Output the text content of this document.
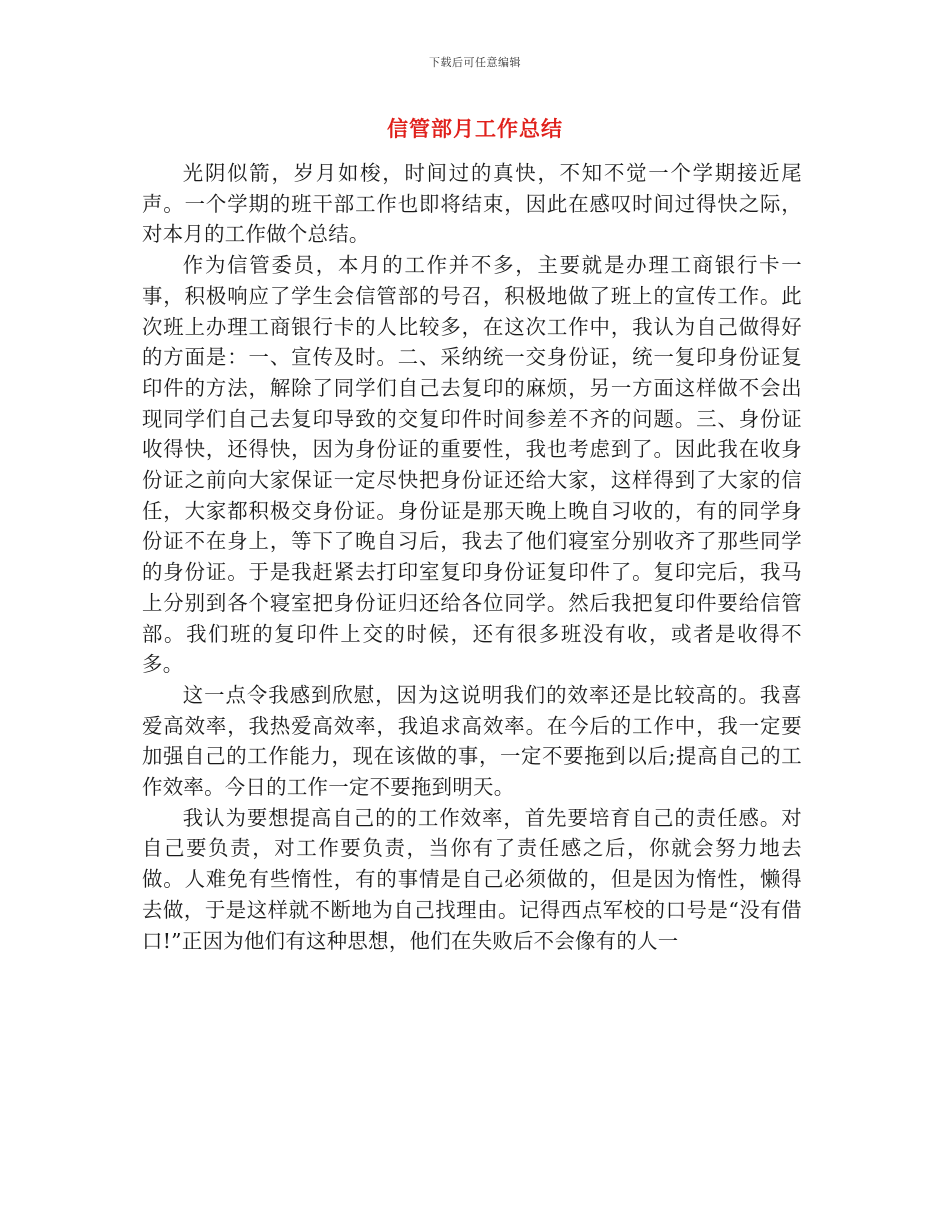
下载后可任意编辑
信管部月工作总结

光阴似箭，岁月如梭，时间过的真快，不知不觉一个学期接近尾声。一个学期的班干部工作也即将结束，因此在感叹时间过得快之际，对本月的工作做个总结。

作为信管委员，本月的工作并不多，主要就是办理工商银行卡一事，积极响应了学生会信管部的号召，积极地做了班上的宣传工作。此次班上办理工商银行卡的人比较多，在这次工作中，我认为自己做得好的方面是：一、宣传及时。二、采纳统一交身份证，统一复印身份证复印件的方法，解除了同学们自己去复印的麻烦，另一方面这样做不会出现同学们自己去复印导致的交复印件时间参差不齐的问题。三、身份证收得快，还得快，因为身份证的重要性，我也考虑到了。因此我在收身份证之前向大家保证一定尽快把身份证还给大家，这样得到了大家的信任，大家都积极交身份证。身份证是那天晚上晚自习收的，有的同学身份证不在身上，等下了晚自习后，我去了他们寝室分别收齐了那些同学的身份证。于是我赶紧去打印室复印身份证复印件了。复印完后，我马上分别到各个寝室把身份证归还给各位同学。然后我把复印件要给信管部。我们班的复印件上交的时候，还有很多班没有收，或者是收得不多。

这一点令我感到欣慰，因为这说明我们的效率还是比较高的。我喜爱高效率，我热爱高效率，我追求高效率。在今后的工作中，我一定要加强自己的工作能力，现在该做的事，一定不要拖到以后;提高自己的工作效率。今日的工作一定不要拖到明天。

我认为要想提高自己的的工作效率，首先要培育自己的责任感。对自己要负责，对工作要负责，当你有了责任感之后，你就会努力地去做。人难免有些惰性，有的事情是自己必须做的，但是因为惰性，懒得去做，于是这样就不断地为自己找理由。记得西点军校的口号是“没有借口!”正因为他们有这种思想，他们在失败后不会像有的人一
